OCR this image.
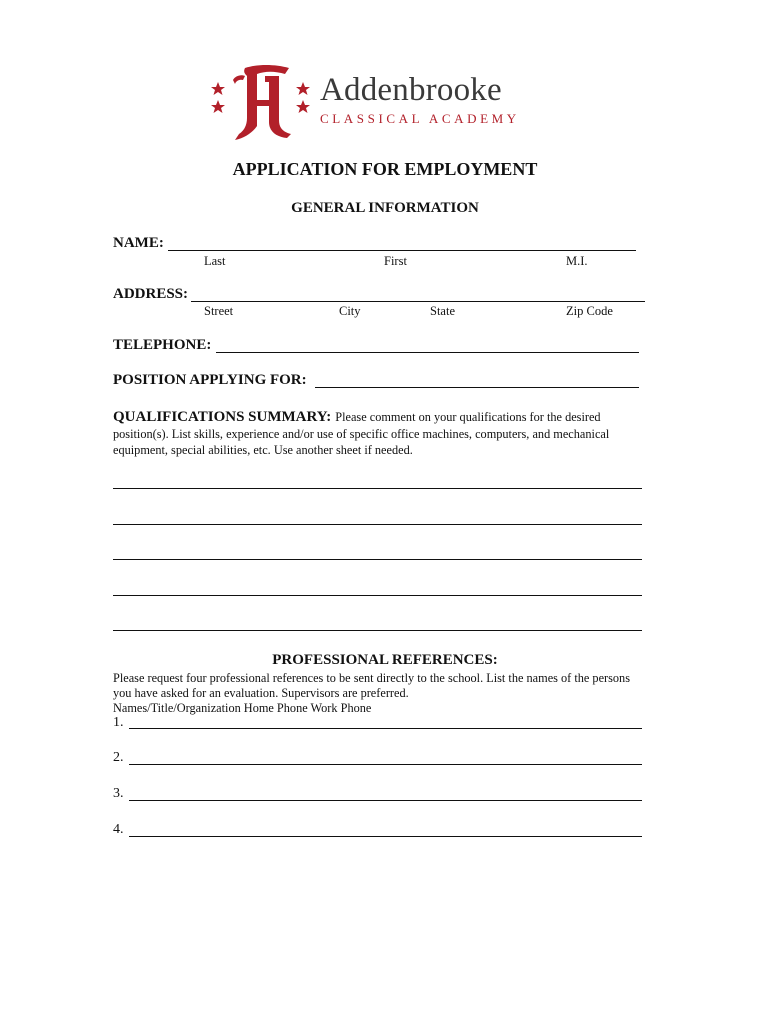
Addenbrooke
CLASSICAL ACADEMY
APPLICATION FOR EMPLOYMENT
GENERAL INFORMATION
NAME:
Last	First	M.I.
ADDRESS:
Street	City	State	Zip Code
TELEPHONE:
POSITION APPLYING FOR:
QUALIFICATIONS SUMMARY: Please comment on your qualifications for the desired
position(s). List skills, experience and/or use of specific office machines, computers, and mechanical
equipment, special abilities, etc. Use another sheet if needed.
PROFESSIONAL REFERENCES:
Please request four professional references to be sent directly to the school. List the names of the persons
you have asked for an evaluation. Supervisors are preferred.
Names/Title/Organization Home Phone Work Phone
1.
2.
3.
4.
